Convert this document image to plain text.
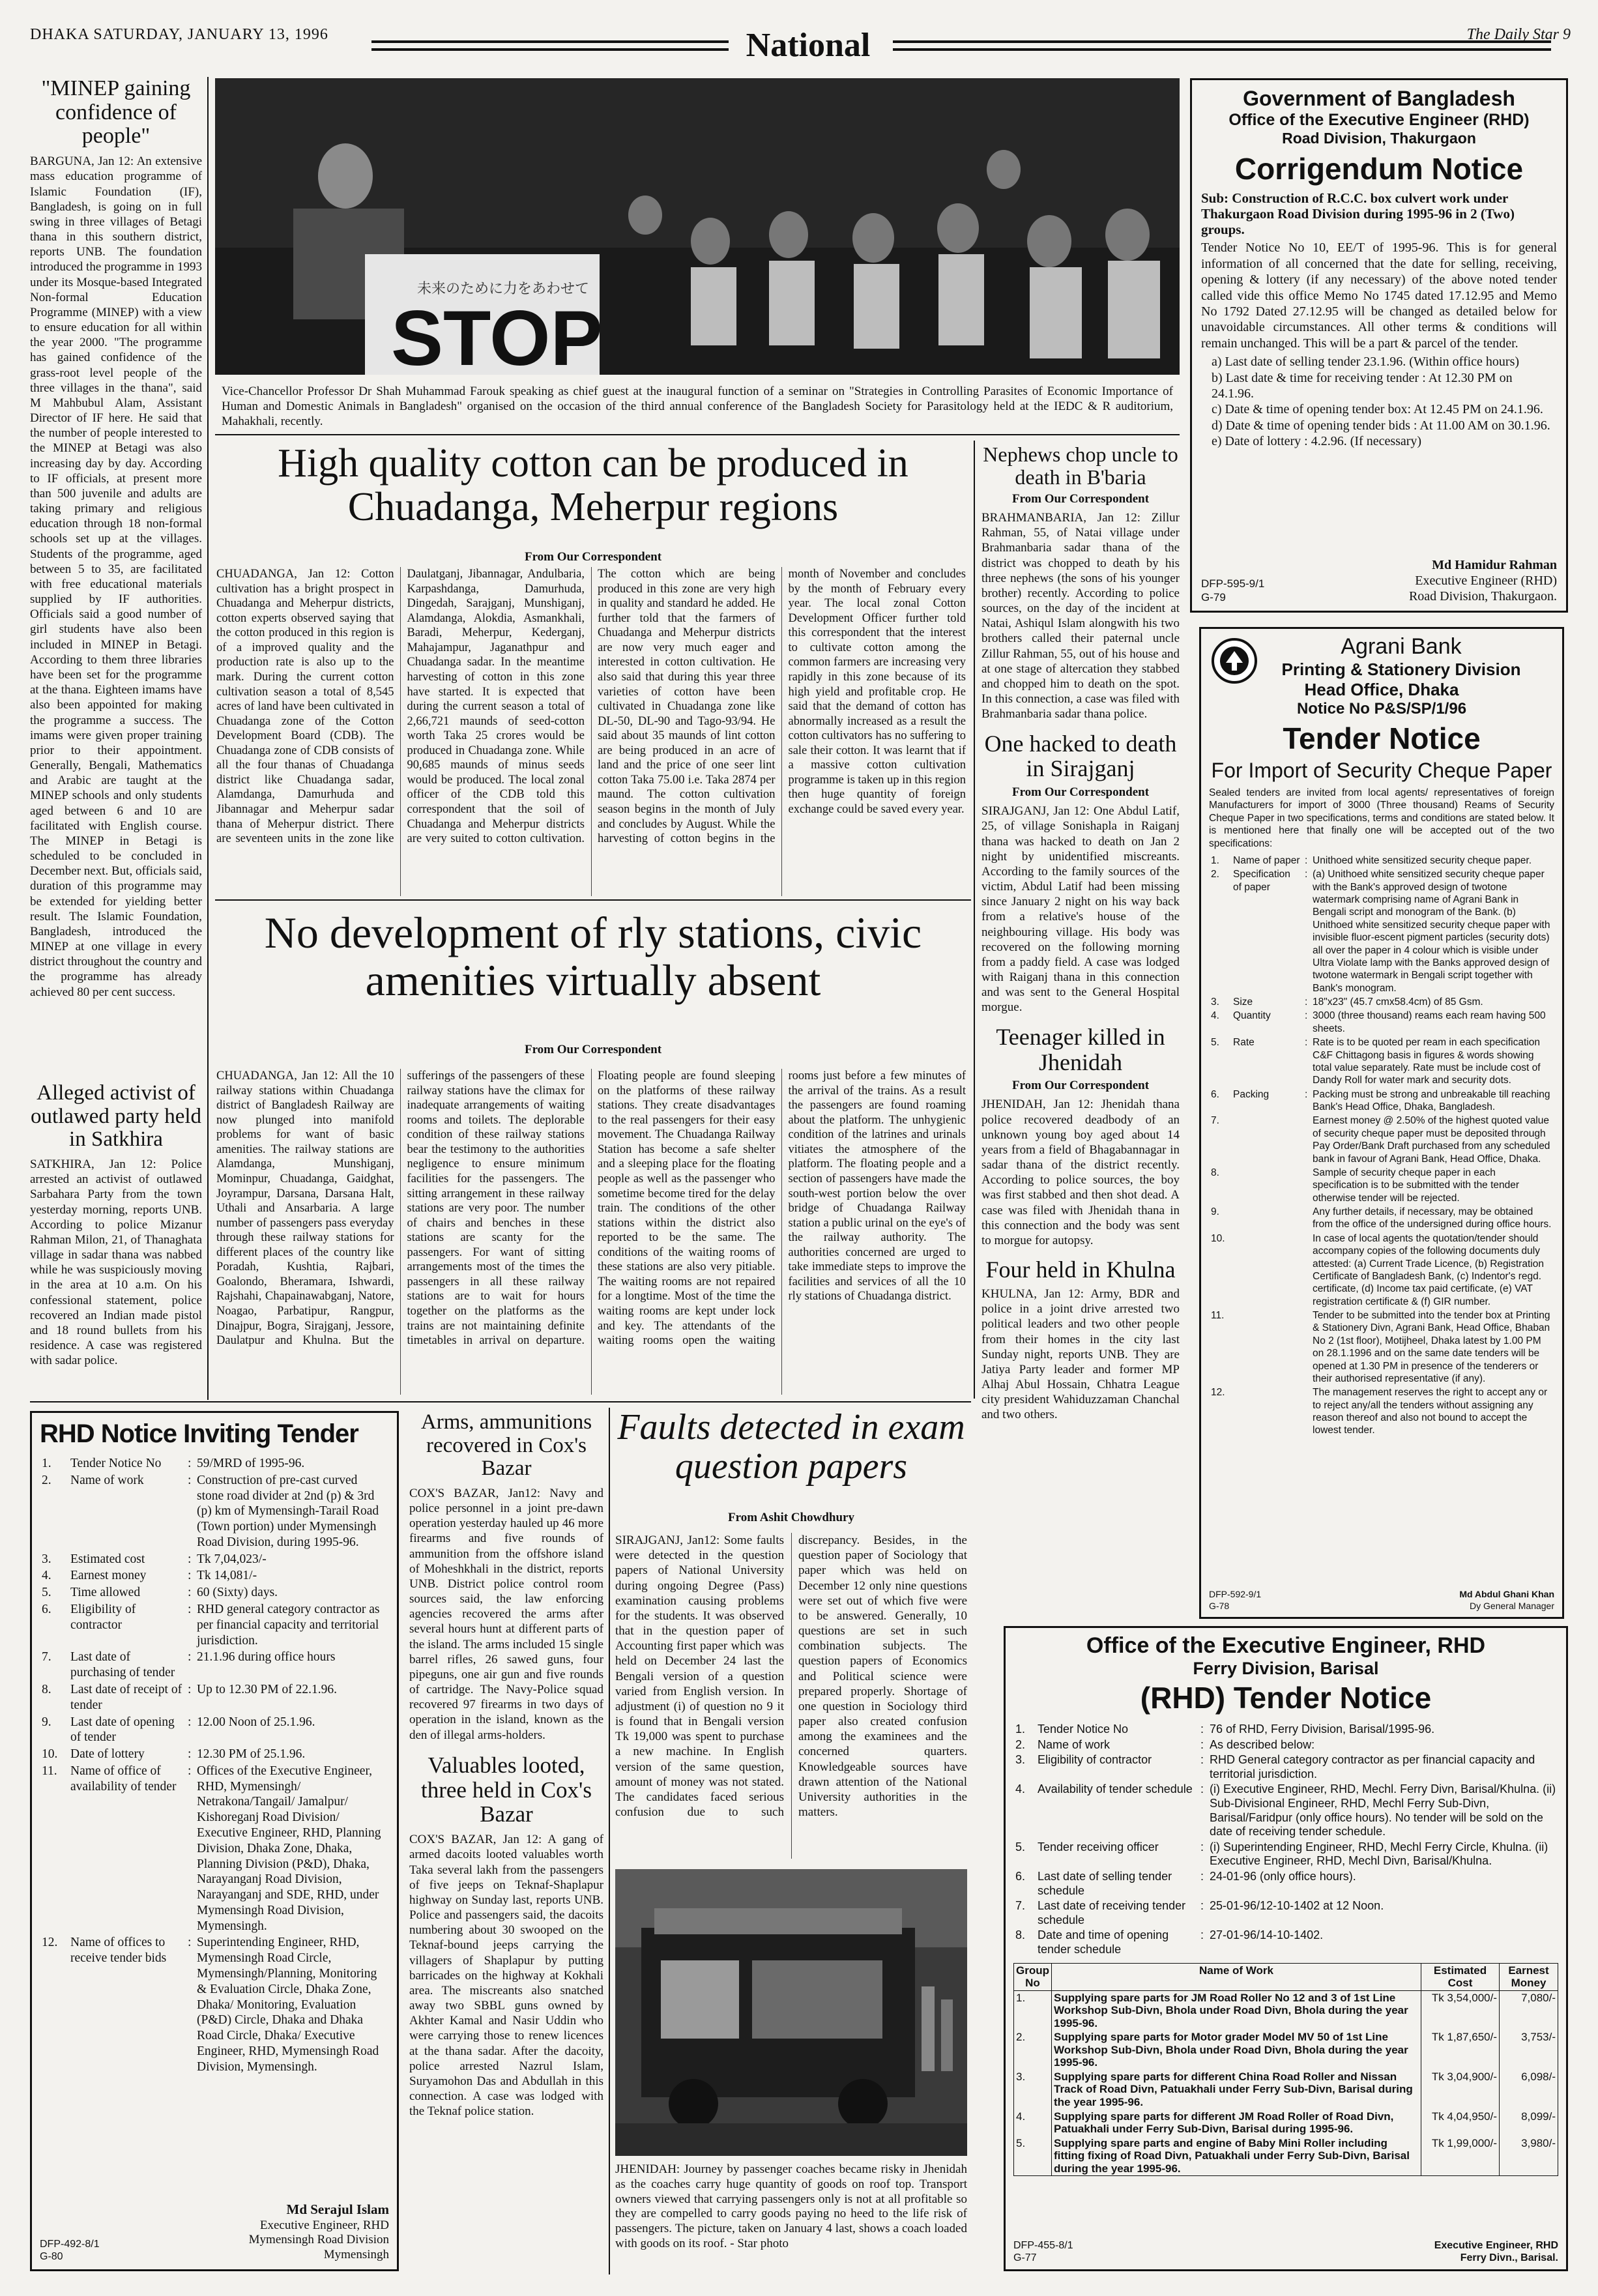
DHAKA SATURDAY, JANUARY 13, 1996	National	The Daily Star 9
"MINEP gaining confidence of people"
BARGUNA, Jan 12: An extensive mass education programme of Islamic Foundation (IF), Bangladesh, is going on in full swing in three villages of Betagi thana in this southern district, reports UNB. The foundation introduced the programme in 1993 under its Mosque-based Integrated Non-formal Education Programme (MINEP) with a view to ensure education for all within the year 2000. "The programme has gained confidence of the grass-root level people of the three villages in the thana", said M Mahbubul Alam, Assistant Director of IF here. He said that the number of people interested to the MINEP at Betagi was also increasing day by day. According to IF officials, at present more than 500 juvenile and adults are taking primary and religious education through 18 non-formal schools set up at the villages. Students of the programme, aged between 5 to 35, are facilitated with free educational materials supplied by IF authorities. Officials said a good number of girl students have also been included in MINEP in Betagi. According to them three libraries have been set for the programme at the thana. Eighteen imams have also been appointed for making the programme a success. The imams were given proper training prior to their appointment. Generally, Bengali, Mathematics and Arabic are taught at the MINEP schools and only students aged between 6 and 10 are facilitated with English course. The MINEP in Betagi is scheduled to be concluded in December next. But, officials said, duration of this programme may be extended for yielding better result. The Islamic Foundation, Bangladesh, introduced the MINEP at one village in every district throughout the country and the programme has already achieved 80 per cent success.
Alleged activist of outlawed party held in Satkhira
SATKHIRA, Jan 12: Police arrested an activist of outlawed Sarbahara Party from the town yesterday morning, reports UNB. According to police Mizanur Rahman Milon, 21, of Thanaghata village in sadar thana was nabbed while he was suspiciously moving in the area at 10 a.m. On his confessional statement, police recovered an Indian made pistol and 18 round bullets from his residence. A case was registered with sadar police.
未来のために力をあわせて
STOP
Vice-Chancellor Professor Dr Shah Muhammad Farouk speaking as chief guest at the inaugural function of a seminar on "Strategies in Controlling Parasites of Economic Importance of Human and Domestic Animals in Bangladesh" organised on the occasion of the third annual conference of the Bangladesh Society for Parasitology held at the IEDC & R auditorium, Mahakhali, recently.
High quality cotton can be produced in Chuadanga, Meherpur regions
From Our Correspondent
CHUADANGA, Jan 12: Cotton cultivation has a bright prospect in Chuadanga and Meherpur districts, cotton experts observed saying that the cotton produced in this region is of a improved quality and the production rate is also up to the mark. During the current cotton cultivation season a total of 8,545 acres of land have been cultivated in Chuadanga zone of the Cotton Development Board (CDB). The Chuadanga zone of CDB consists of all the four thanas of Chuadanga district like Chuadanga sadar, Alamdanga, Damurhuda and Jibannagar and Meherpur sadar thana of Meherpur district. There are seventeen units in the zone like Daulatganj, Jibannagar, Andulbaria, Karpashdanga, Damurhuda, Dingedah, Sarajganj, Munshiganj, Alamdanga, Alokdia, Asmankhali, Baradi, Meherpur, Kederganj, Mahajampur, Jaganathpur and Chuadanga sadar. In the meantime harvesting of cotton in this zone have started. It is expected that during the current season a total of 2,66,721 maunds of seed-cotton worth Taka 25 crores would be produced in Chuadanga zone. While 90,685 maunds of minus seeds would be produced. The local zonal officer of the CDB told this correspondent that the soil of Chuadanga and Meherpur districts are very suited to cotton cultivation. The cotton which are being produced in this zone are very high in quality and standard he added. He further told that the farmers of Chuadanga and Meherpur districts are now very much eager and interested in cotton cultivation. He also said that during this year three varieties of cotton have been cultivated in Chuadanga zone like DL-50, DL-90 and Tago-93/94. He said about 35 maunds of lint cotton are being produced in an acre of land and the price of one seer lint cotton Taka 75.00 i.e. Taka 2874 per maund. The cotton cultivation season begins in the month of July and concludes by August. While the harvesting of cotton begins in the month of November and concludes by the month of February every year. The local zonal Cotton Development Officer further told this correspondent that the interest to cultivate cotton among the common farmers are increasing very rapidly in this zone because of its high yield and profitable crop. He said that the demand of cotton has abnormally increased as a result the cotton cultivators has no suffering to sale their cotton. It was learnt that if a massive cotton cultivation programme is taken up in this region then huge quantity of foreign exchange could be saved every year.
Nephews chop uncle to death in B'baria
From Our Correspondent
BRAHMANBARIA, Jan 12: Zillur Rahman, 55, of Natai village under Brahmanbaria sadar thana of the district was chopped to death by his three nephews (the sons of his younger brother) recently. According to police sources, on the day of the incident at Natai, Ashiqul Islam alongwith his two brothers called their paternal uncle Zillur Rahman, 55, out of his house and at one stage of altercation they stabbed and chopped him to death on the spot. In this connection, a case was filed with Brahmanbaria sadar thana police.
One hacked to death in Sirajganj
From Our Correspondent
SIRAJGANJ, Jan 12: One Abdul Latif, 25, of village Sonishapla in Raiganj thana was hacked to death on Jan 2 night by unidentified miscreants. According to the family sources of the victim, Abdul Latif had been missing since January 2 night on his way back from a relative's house of the neighbouring village. His body was recovered on the following morning from a paddy field. A case was lodged with Raiganj thana in this connection and was sent to the General Hospital morgue.
Teenager killed in Jhenidah
From Our Correspondent
JHENIDAH, Jan 12: Jhenidah thana police recovered deadbody of an unknown young boy aged about 14 years from a field of Bhagabannagar in sadar thana of the district recently. According to police sources, the boy was first stabbed and then shot dead. A case was filed with Jhenidah thana in this connection and the body was sent to morgue for autopsy.
Four held in Khulna
KHULNA, Jan 12: Army, BDR and police in a joint drive arrested two political leaders and two other people from their homes in the city last Sunday night, reports UNB. They are Jatiya Party leader and former MP Alhaj Abul Hossain, Chhatra League city president Wahiduzzaman Chanchal and two others.
No development of rly stations, civic amenities virtually absent
From Our Correspondent
CHUADANGA, Jan 12: All the 10 railway stations within Chuadanga district of Bangladesh Railway are now plunged into manifold problems for want of basic amenities. The railway stations are Alamdanga, Munshiganj, Mominpur, Chuadanga, Gaidghat, Joyrampur, Darsana, Darsana Halt, Uthali and Ansarbaria. A large number of passengers pass everyday through these railway stations for different places of the country like Poradah, Kushtia, Rajbari, Goalondo, Bheramara, Ishwardi, Rajshahi, Chapainawabganj, Natore, Noagao, Parbatipur, Rangpur, Dinajpur, Bogra, Sirajganj, Jessore, Daulatpur and Khulna. But the sufferings of the passengers of these railway stations have the climax for inadequate arrangements of waiting rooms and toilets. The deplorable condition of these railway stations bear the testimony to the authorities negligence to ensure minimum facilities for the passengers. The sitting arrangement in these railway stations are very poor. The number of chairs and benches in these stations are scanty for the passengers. For want of sitting arrangements most of the times the passengers in all these railway stations are to wait for hours together on the platforms as the trains are not maintaining definite timetables in arrival on departure. Floating people are found sleeping on the platforms of these railway stations. They create disadvantages to the real passengers for their easy movement. The Chuadanga Railway Station has become a safe shelter and a sleeping place for the floating people as well as the passenger who sometime become tired for the delay train. The conditions of the other stations within the district also reported to be the same. The conditions of the waiting rooms of these stations are also very pitiable. The waiting rooms are not repaired for a longtime. Most of the time the waiting rooms are kept under lock and key. The attendants of the waiting rooms open the waiting rooms just before a few minutes of the arrival of the trains. As a result the passengers are found roaming about the platform. The unhygienic condition of the latrines and urinals vitiates the atmosphere of the platform. The floating people and a section of passengers have made the south-west portion below the over bridge of Chuadanga Railway station a public urinal on the eye's of the railway authority. The authorities concerned are urged to take immediate steps to improve the facilities and services of all the 10 rly stations of Chuadanga district.
RHD Notice Inviting Tender
1.	Tender Notice No	:	59/MRD of 1995-96.
2.	Name of work	:	Construction of pre-cast curved stone road divider at 2nd (p) & 3rd (p) km of Mymensingh-Tarail Road (Town portion) under Mymensingh Road Division, during 1995-96.
3.	Estimated cost	:	Tk 7,04,023/-
4.	Earnest money	:	Tk 14,081/-
5.	Time allowed	:	60 (Sixty) days.
6.	Eligibility of contractor	:	RHD general category contractor as per financial capacity and territorial jurisdiction.
7.	Last date of purchasing of tender	:	21.1.96 during office hours
8.	Last date of receipt of tender	:	Up to 12.30 PM of 22.1.96.
9.	Last date of opening of tender	:	12.00 Noon of 25.1.96.
10.	Date of lottery	:	12.30 PM of 25.1.96.
11.	Name of office of availability of tender	:	Offices of the Executive Engineer, RHD, Mymensingh/ Netrakona/Tangail/ Jamalpur/ Kishoreganj Road Division/ Executive Engineer, RHD, Planning Division, Dhaka Zone, Dhaka, Planning Division (P&D), Dhaka, Narayanganj Road Division, Narayanganj and SDE, RHD, under Mymensingh Road Division, Mymensingh.
12.	Name of offices to receive tender bids	:	Superintending Engineer, RHD, Mymensingh Road Circle, Mymensingh/Planning, Monitoring & Evaluation Circle, Dhaka Zone, Dhaka/ Monitoring, Evaluation (P&D) Circle, Dhaka and Dhaka Road Circle, Dhaka/ Executive Engineer, RHD, Mymensingh Road Division, Mymensingh.
Md Serajul Islam
Executive Engineer, RHD
Mymensingh Road Division
Mymensingh
DFP-492-8/1
G-80
Arms, ammunitions recovered in Cox's Bazar
COX'S BAZAR, Jan12: Navy and police personnel in a joint pre-dawn operation yesterday hauled up 46 more firearms and five rounds of ammunition from the offshore island of Moheshkhali in the district, reports UNB. District police control room sources said, the law enforcing agencies recovered the arms after several hours hunt at different parts of the island. The arms included 15 single barrel rifles, 26 sawed guns, four pipeguns, one air gun and five rounds of cartridge. The Navy-Police squad recovered 97 firearms in two days of operation in the island, known as the den of illegal arms-holders.
Valuables looted, three held in Cox's Bazar
COX'S BAZAR, Jan 12: A gang of armed dacoits looted valuables worth Taka several lakh from the passengers of five jeeps on Teknaf-Shaplapur highway on Sunday last, reports UNB. Police and passengers said, the dacoits numbering about 30 swooped on the Teknaf-bound jeeps carrying the villagers of Shaplapur by putting barricades on the highway at Kokhali area. The miscreants also snatched away two SBBL guns owned by Akhter Kamal and Nasir Uddin who were carrying those to renew licences at the thana sadar. After the dacoity, police arrested Nazrul Islam, Suryamohon Das and Abdullah in this connection. A case was lodged with the Teknaf police station.
Faults detected in exam question papers
From Ashit Chowdhury
SIRAJGANJ, Jan12: Some faults were detected in the question papers of National University during ongoing Degree (Pass) examination causing problems for the students. It was observed that in the question paper of Accounting first paper which was held on December 24 last the Bengali version of a question varied from English version. In adjustment (i) of question no 9 it is found that in Bengali version Tk 19,000 was spent to purchase a new machine. In English version of the same question, amount of money was not stated. The candidates faced serious confusion due to such discrepancy. Besides, in the question paper of Sociology that paper which was held on December 12 only nine questions were set out of which five were to be answered. Generally, 10 questions are set in such combination subjects. The question papers of Economics and Political science were prepared properly. Shortage of one question in Sociology third paper also created confusion among the examinees and the concerned quarters. Knowledgeable sources have drawn attention of the National University authorities in the matters.
JHENIDAH: Journey by passenger coaches became risky in Jhenidah as the coaches carry huge quantity of goods on roof top. Transport owners viewed that carrying passengers only is not at all profitable so they are compelled to carry goods paying no heed to the life risk of passengers. The picture, taken on January 4 last, shows a coach loaded with goods on its roof. - Star photo
Government of Bangladesh
Office of the Executive Engineer (RHD)
Road Division, Thakurgaon
Corrigendum Notice
Sub: Construction of R.C.C. box culvert work under Thakurgaon Road Division during 1995-96 in 2 (Two) groups.
Tender Notice No 10, EE/T of 1995-96. This is for general information of all concerned that the date for selling, receiving, opening & lottery (if any necessary) of the above noted tender called vide this office Memo No 1745 dated 17.12.95 and Memo No 1792 Dated 27.12.95 will be changed as detailed below for unavoidable circumstances. All other terms & conditions will remain unchanged. This will be a part & parcel of the tender.
a) Last date of selling tender 23.1.96. (Within office hours)
b) Last date & time for receiving tender : At 12.30 PM on 24.1.96.
c) Date & time of opening tender box: At 12.45 PM on 24.1.96.
d) Date & time of opening tender bids : At 11.00 AM on 30.1.96.
e) Date of lottery : 4.2.96. (If necessary)
Md Hamidur Rahman
Executive Engineer (RHD)
Road Division, Thakurgaon.
DFP-595-9/1
G-79
Agrani Bank
Printing & Stationery Division
Head Office, Dhaka
Notice No P&S/SP/1/96
Tender Notice
For Import of Security Cheque Paper
Sealed tenders are invited from local agents/ representatives of foreign Manufacturers for import of 3000 (Three thousand) Reams of Security Cheque Paper in two specifications, terms and conditions are stated below. It is mentioned here that finally one will be accepted out of the two specifications:
1.	Name of paper	:	Unithoed white sensitized security cheque paper.
2.	Specification of paper	:	(a) Unithoed white sensitized security cheque paper with the Bank's approved design of twotone watermark comprising name of Agrani Bank in Bengali script and monogram of the Bank. (b) Unithoed white sensitized security cheque paper with invisible fluor-escent pigment particles (security dots) all over the paper in 4 colour which is visible under Ultra Violate lamp with the Banks approved design of twotone watermark in Bengali script together with Bank's monogram.
3.	Size	:	18"x23" (45.7 cmx58.4cm) of 85 Gsm.
4.	Quantity	:	3000 (three thousand) reams each ream having 500 sheets.
5.	Rate	:	Rate is to be quoted per ream in each specification C&F Chittagong basis in figures & words showing total value separately. Rate must be include cost of Dandy Roll for water mark and security dots.
6.	Packing	:	Packing must be strong and unbreakable till reaching Bank's Head Office, Dhaka, Bangladesh.
7.			Earnest money @ 2.50% of the highest quoted value of security cheque paper must be deposited through Pay Order/Bank Draft purchased from any scheduled bank in favour of Agrani Bank, Head Office, Dhaka.
8.			Sample of security cheque paper in each specification is to be submitted with the tender otherwise tender will be rejected.
9.			Any further details, if necessary, may be obtained from the office of the undersigned during office hours.
10.			In case of local agents the quotation/tender should accompany copies of the following documents duly attested: (a) Current Trade Licence, (b) Registration Certificate of Bangladesh Bank, (c) Indentor's regd. certificate, (d) Income tax paid certificate, (e) VAT registration certificate & (f) GIR number.
11.			Tender to be submitted into the tender box at Printing & Stationery Divn, Agrani Bank, Head Office, Bhaban No 2 (1st floor), Motijheel, Dhaka latest by 1.00 PM on 28.1.1996 and on the same date tenders will be opened at 1.30 PM in presence of the tenderers or their authorised representative (if any).
12.			The management reserves the right to accept any or to reject any/all the tenders without assigning any reason thereof and also not bound to accept the lowest tender.
DFP-592-9/1	Md Abdul Ghani Khan
G-78	Dy General Manager
Office of the Executive Engineer, RHD
Ferry Division, Barisal
(RHD) Tender Notice
1.	Tender Notice No	:	76 of RHD, Ferry Division, Barisal/1995-96.
2.	Name of work	:	As described below:
3.	Eligibility of contractor	:	RHD General category contractor as per financial capacity and territorial jurisdiction.
4.	Availability of tender schedule	:	(i) Executive Engineer, RHD, Mechl. Ferry Divn, Barisal/Khulna. (ii) Sub-Divisional Engineer, RHD, Mechl Ferry Sub-Divn, Barisal/Faridpur (only office hours). No tender will be sold on the date of receiving tender schedule.
5.	Tender receiving officer	:	(i) Superintending Engineer, RHD, Mechl Ferry Circle, Khulna. (ii) Executive Engineer, RHD, Mechl Divn, Barisal/Khulna.
6.	Last date of selling tender schedule	:	24-01-96 (only office hours).
7.	Last date of receiving tender schedule	:	25-01-96/12-10-1402 at 12 Noon.
8.	Date and time of opening tender schedule	:	27-01-96/14-10-1402.
Group No	Name of Work	Estimated Cost	Earnest Money
1.	Supplying spare parts for JM Road Roller No 12 and 3 of 1st Line Workshop Sub-Divn, Bhola under Road Divn, Bhola during the year 1995-96.	Tk 3,54,000/-	7,080/-
2.	Supplying spare parts for Motor grader Model MV 50 of 1st Line Workshop Sub-Divn, Bhola under Road Divn, Bhola during the year 1995-96.	Tk 1,87,650/-	3,753/-
3.	Supplying spare parts for different China Road Roller and Nissan Track of Road Divn, Patuakhali under Ferry Sub-Divn, Barisal during the year 1995-96.	Tk 3,04,900/-	6,098/-
4.	Supplying spare parts for different JM Road Roller of Road Divn, Patuakhali under Ferry Sub-Divn, Barisal during 1995-96.	Tk 4,04,950/-	8,099/-
5.	Supplying spare parts and engine of Baby Mini Roller including fitting fixing of Road Divn, Patuakhali under Ferry Sub-Divn, Barisal during the year 1995-96.	Tk 1,99,000/-	3,980/-
DFP-455-8/1	Executive Engineer, RHD
G-77	Ferry Divn., Barisal.
